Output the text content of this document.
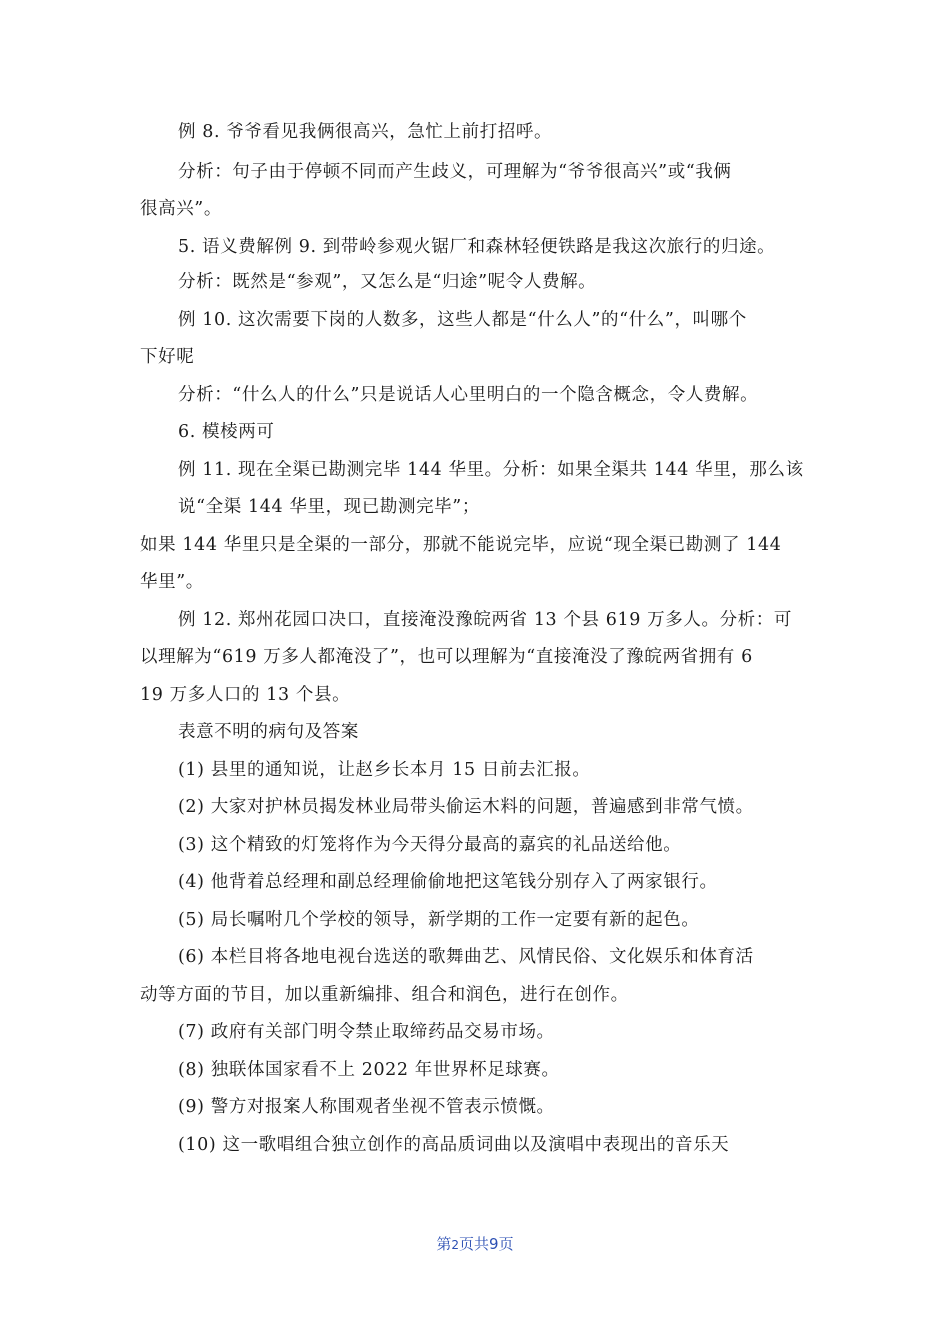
例 8. 爷爷看见我俩很高兴，急忙上前打招呼。
分析：句子由于停顿不同而产生歧义，可理解为“爷爷很高兴”或“我俩
很高兴”。
5. 语义费解例 9. 到带岭参观火锯厂和森林轻便铁路是我这次旅行的归途。
分析：既然是“参观”，又怎么是“归途”呢令人费解。
例 10. 这次需要下岗的人数多，这些人都是“什么人”的“什么”，叫哪个
下好呢
分析：“什么人的什么”只是说话人心里明白的一个隐含概念，令人费解。
6. 模棱两可
例 11. 现在全渠已勘测完毕 144 华里。分析：如果全渠共 144 华里，那么该
说“全渠 144 华里，现已勘测完毕”；
如果 144 华里只是全渠的一部分，那就不能说完毕，应说“现全渠已勘测了 144
华里”。
例 12. 郑州花园口决口，直接淹没豫皖两省 13 个县 619 万多人。分析：可
以理解为“619 万多人都淹没了”，也可以理解为“直接淹没了豫皖两省拥有 6
19 万多人口的 13 个县。
表意不明的病句及答案
(1) 县里的通知说，让赵乡长本月 15 日前去汇报。
(2) 大家对护林员揭发林业局带头偷运木料的问题，普遍感到非常气愤。
(3) 这个精致的灯笼将作为今天得分最高的嘉宾的礼品送给他。
(4) 他背着总经理和副总经理偷偷地把这笔钱分别存入了两家银行。
(5) 局长嘱咐几个学校的领导，新学期的工作一定要有新的起色。
(6) 本栏目将各地电视台选送的歌舞曲艺、风情民俗、文化娱乐和体育活
动等方面的节目，加以重新编排、组合和润色，进行在创作。
(7) 政府有关部门明令禁止取缔药品交易市场。
(8) 独联体国家看不上 2022 年世界杯足球赛。
(9) 警方对报案人称围观者坐视不管表示愤慨。
(10) 这一歌唱组合独立创作的高品质词曲以及演唱中表现出的音乐天
第2页共9页
